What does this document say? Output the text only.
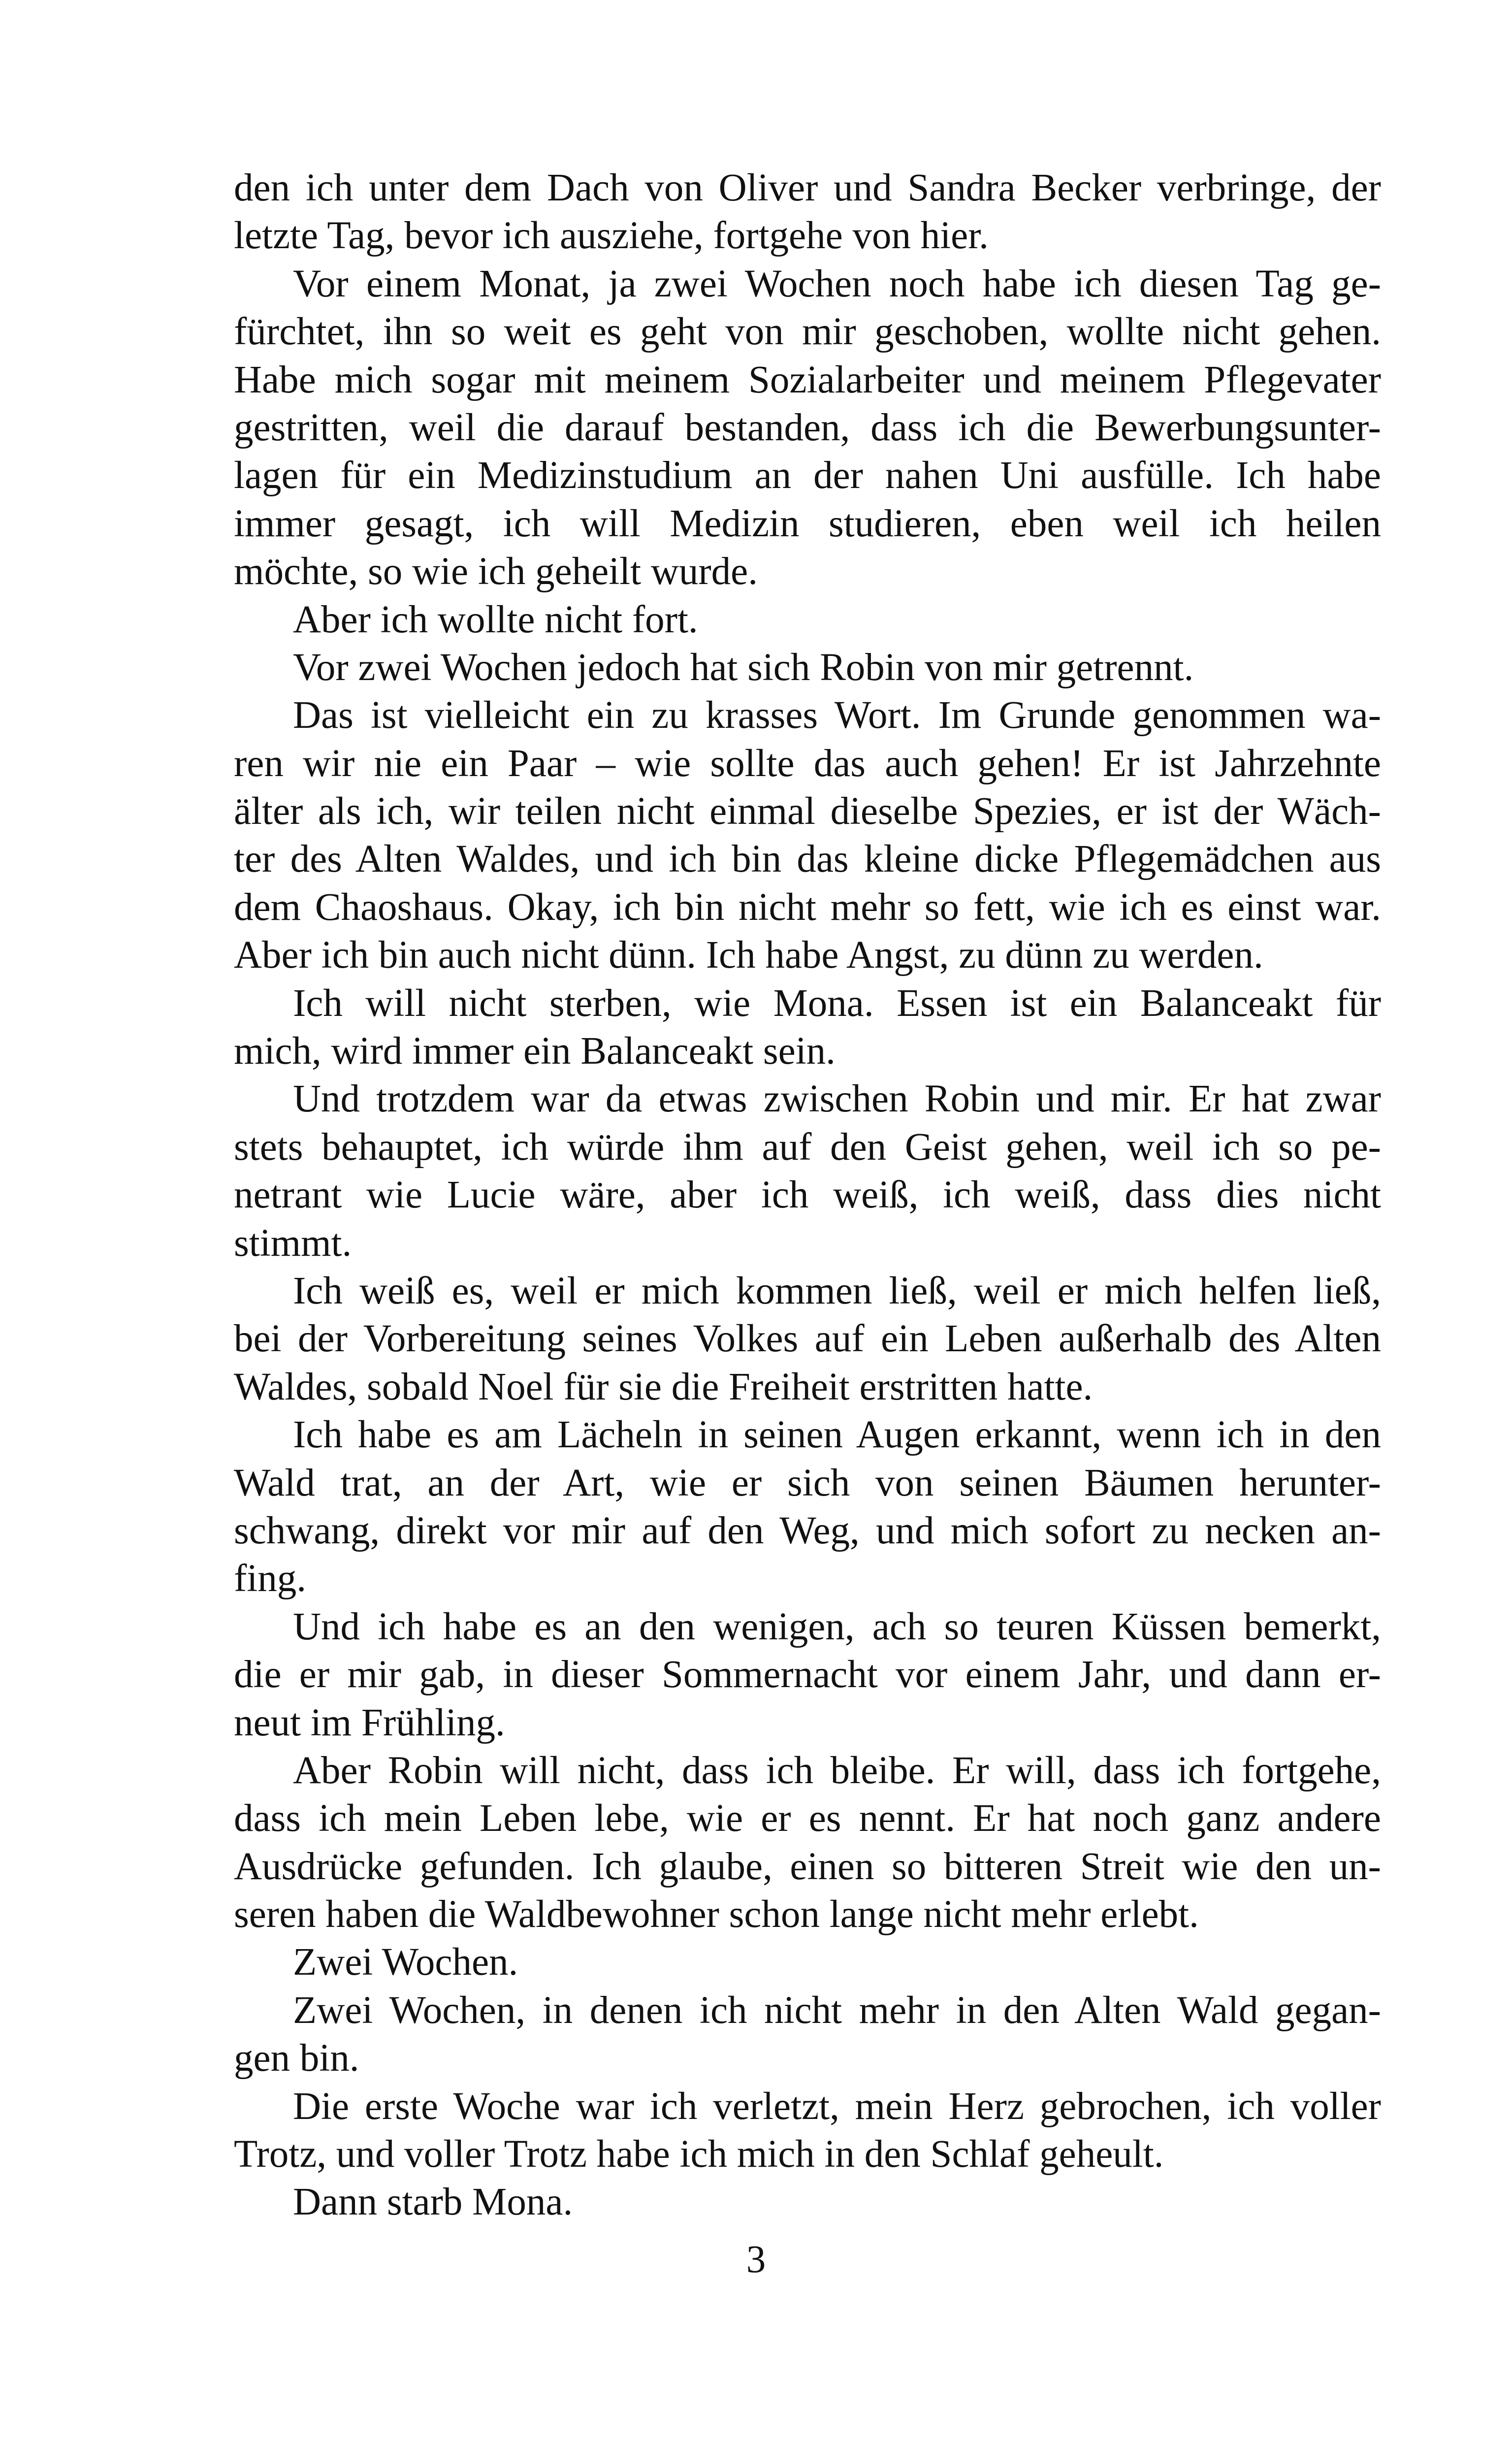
den ich unter dem Dach von Oliver und Sandra Becker verbringe, der
letzte Tag, bevor ich ausziehe, fortgehe von hier.
Vor einem Monat, ja zwei Wochen noch habe ich diesen Tag ge-
fürchtet, ihn so weit es geht von mir geschoben, wollte nicht gehen.
Habe mich sogar mit meinem Sozialarbeiter und meinem Pflegevater
gestritten, weil die darauf bestanden, dass ich die Bewerbungsunter-
lagen für ein Medizinstudium an der nahen Uni ausfülle. Ich habe
immer gesagt, ich will Medizin studieren, eben weil ich heilen
möchte, so wie ich geheilt wurde.
Aber ich wollte nicht fort.
Vor zwei Wochen jedoch hat sich Robin von mir getrennt.
Das ist vielleicht ein zu krasses Wort. Im Grunde genommen wa-
ren wir nie ein Paar – wie sollte das auch gehen! Er ist Jahrzehnte
älter als ich, wir teilen nicht einmal dieselbe Spezies, er ist der Wäch-
ter des Alten Waldes, und ich bin das kleine dicke Pflegemädchen aus
dem Chaoshaus. Okay, ich bin nicht mehr so fett, wie ich es einst war.
Aber ich bin auch nicht dünn. Ich habe Angst, zu dünn zu werden.
Ich will nicht sterben, wie Mona. Essen ist ein Balanceakt für
mich, wird immer ein Balanceakt sein.
Und trotzdem war da etwas zwischen Robin und mir. Er hat zwar
stets behauptet, ich würde ihm auf den Geist gehen, weil ich so pe-
netrant wie Lucie wäre, aber ich weiß, ich weiß, dass dies nicht
stimmt.
Ich weiß es, weil er mich kommen ließ, weil er mich helfen ließ,
bei der Vorbereitung seines Volkes auf ein Leben außerhalb des Alten
Waldes, sobald Noel für sie die Freiheit erstritten hatte.
Ich habe es am Lächeln in seinen Augen erkannt, wenn ich in den
Wald trat, an der Art, wie er sich von seinen Bäumen herunter-
schwang, direkt vor mir auf den Weg, und mich sofort zu necken an-
fing.
Und ich habe es an den wenigen, ach so teuren Küssen bemerkt,
die er mir gab, in dieser Sommernacht vor einem Jahr, und dann er-
neut im Frühling.
Aber Robin will nicht, dass ich bleibe. Er will, dass ich fortgehe,
dass ich mein Leben lebe, wie er es nennt. Er hat noch ganz andere
Ausdrücke gefunden. Ich glaube, einen so bitteren Streit wie den un-
seren haben die Waldbewohner schon lange nicht mehr erlebt.
Zwei Wochen.
Zwei Wochen, in denen ich nicht mehr in den Alten Wald gegan-
gen bin.
Die erste Woche war ich verletzt, mein Herz gebrochen, ich voller
Trotz, und voller Trotz habe ich mich in den Schlaf geheult.
Dann starb Mona.
3
